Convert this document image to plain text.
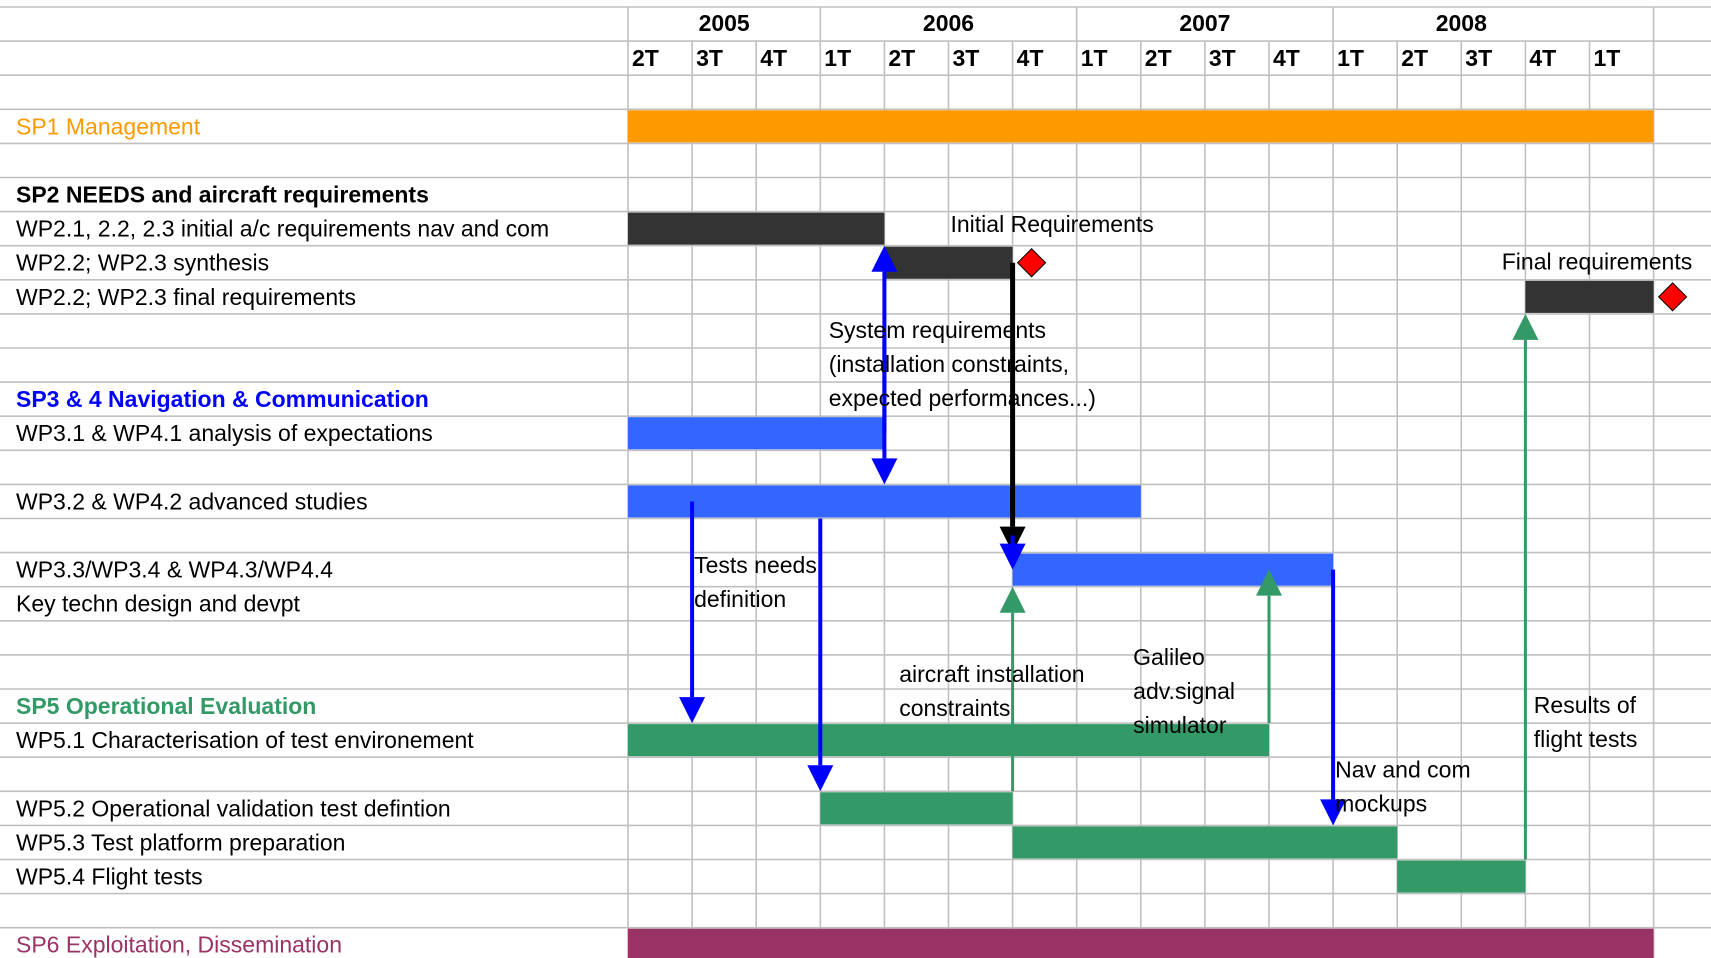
2005	2006	2007	2008
2T 3T 4T 1T 2T 3T 4T 1T 2T 3T 4T 1T 2T 3T 4T 1T
SP1 Management
SP2 NEEDS and aircraft requirements
WP2.1, 2.2, 2.3 initial a/c requirements nav and com
WP2.2; WP2.3 synthesis
WP2.2; WP2.3 final requirements
SP3 & 4 Navigation & Communication
WP3.1 & WP4.1 analysis of expectations
WP3.2 & WP4.2 advanced studies
WP3.3/WP3.4 & WP4.3/WP4.4
Key techn design and devpt
SP5 Operational Evaluation
WP5.1 Characterisation of test environement
WP5.2 Operational validation test defintion
WP5.3 Test platform preparation
WP5.4 Flight tests
SP6 Exploitation, Dissemination
Initial Requirements
Final requirements
System requirements (installation constraints, expected performances...)
Tests needs definition
aircraft installation constraints
Galileo adv.signal simulator
Results of flight tests
Nav and com mockups
